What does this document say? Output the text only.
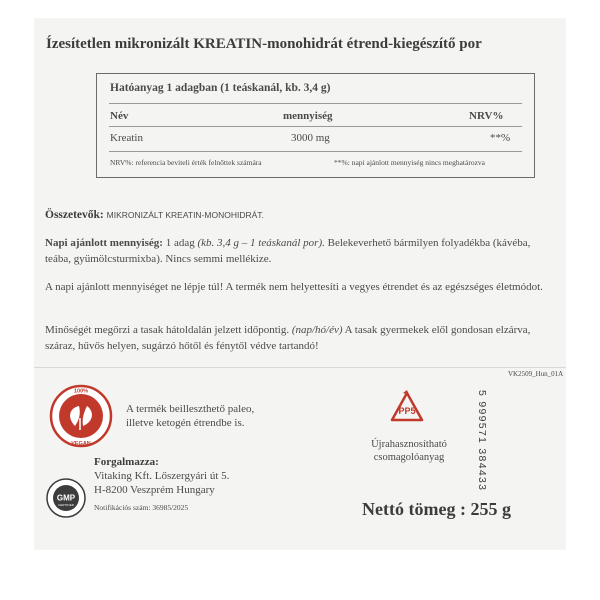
Ízesítetlen mikronizált KREATIN-monohidrát étrend-kiegészítő por
Hatóanyag 1 adagban (1 teáskanál, kb. 3,4 g)
Név	mennyiség	NRV%
Kreatin	3000 mg	**%
NRV%: referencia beviteli érték felnőttek számára	**%: napi ajánlott mennyiség nincs meghatározva
Összetevők: MIKRONIZÁLT KREATIN-MONOHIDRÁT.
Napi ajánlott mennyiség: 1 adag (kb. 3,4 g – 1 teáskanál por). Belekeverhető bármilyen folyadékba (kávéba, teába, gyümölcsturmixba). Nincs semmi mellékize.
A napi ajánlott mennyiséget ne lépje túl! A termék nem helyettesíti a vegyes étrendet és az egészséges életmódot.
Minőségét megőrzi a tasak hátoldalán jelzett időpontig. (nap/hó/év) A tasak gyermekek elől gondosan elzárva, száraz, hűvős helyen, sugárzó hőtől és fénytől védve tartandó!
100%
VEGAN
A termék beilleszthető paleo,
illetve ketogén étrendbe is.
GMP
CERTIFIED
Forgalmazza:
Vitaking Kft. Lőszergyári út 5.
H-8200 Veszprém Hungary
Notifikációs szám: 36985/2025
PP5
Újrahasznosítható
csomagolóanyag
VK2509_Hun_01A
5 999571 384433
Nettó tömeg : 255 g
